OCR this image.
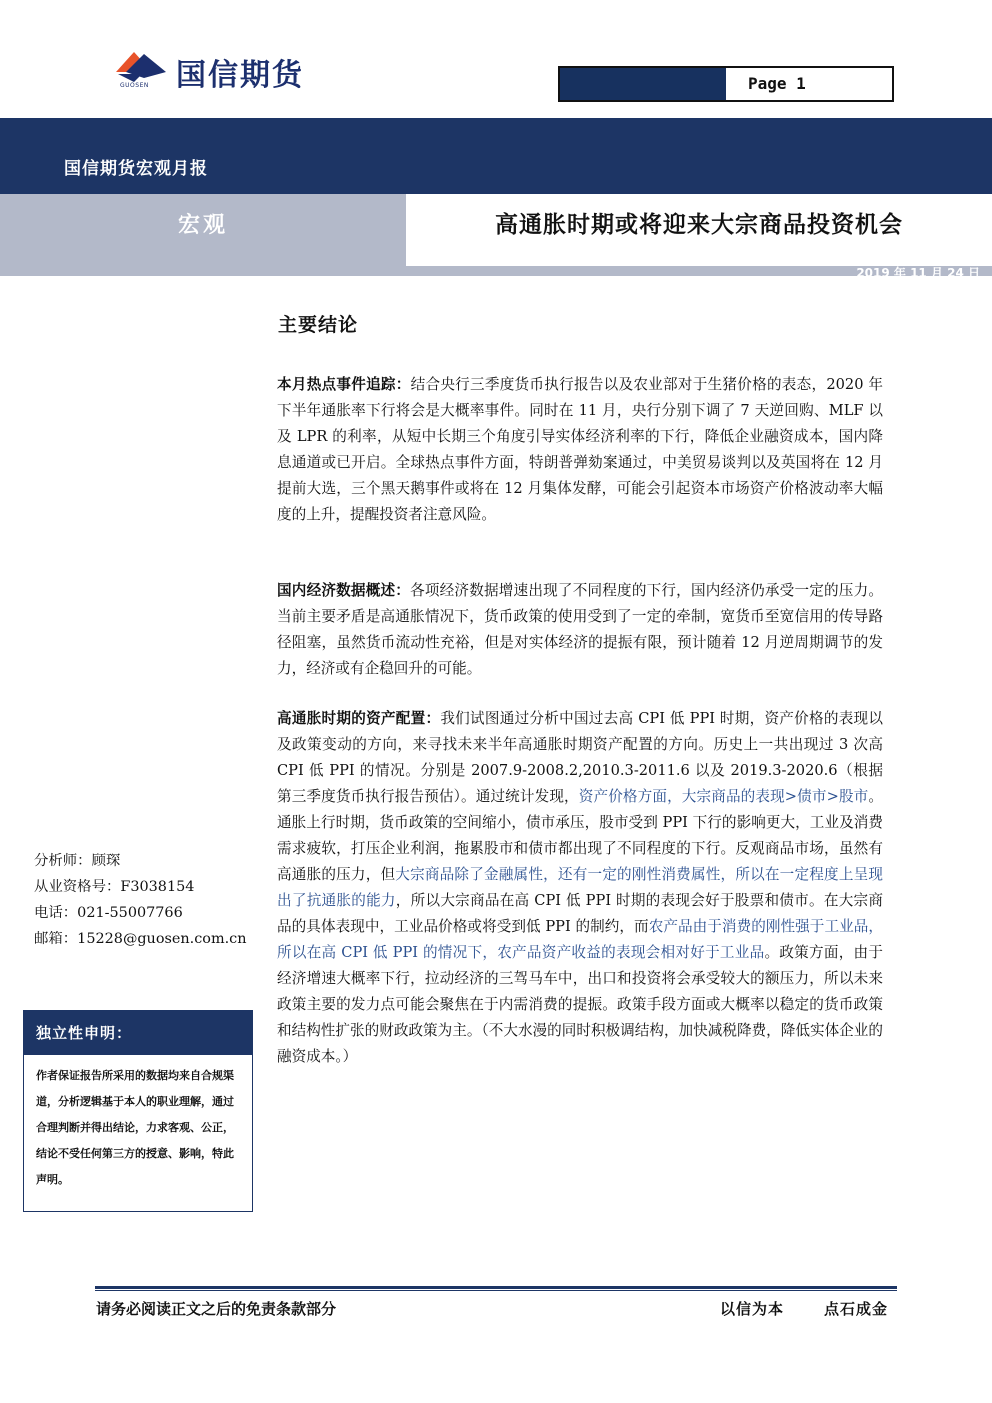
国信期货
GUOSEN	Page 1
国信期货宏观月报
宏观	高通胀时期或将迎来大宗商品投资机会
2019 年 11 月 24 日
主要结论

本月热点事件追踪：结合央行三季度货币执行报告以及农业部对于生猪价格的表态，2020 年下半年通胀率下行将会是大概率事件。同时在 11 月，央行分别下调了 7 天逆回购、MLF 以及 LPR 的利率，从短中长期三个角度引导实体经济利率的下行，降低企业融资成本，国内降息通道或已开启。全球热点事件方面，特朗普弹劾案通过，中美贸易谈判以及英国将在 12 月提前大选，三个黑天鹅事件或将在 12 月集体发酵，可能会引起资本市场资产价格波动率大幅度的上升，提醒投资者注意风险。

国内经济数据概述：各项经济数据增速出现了不同程度的下行，国内经济仍承受一定的压力。当前主要矛盾是高通胀情况下，货币政策的使用受到了一定的牵制，宽货币至宽信用的传导路径阻塞，虽然货币流动性充裕，但是对实体经济的提振有限，预计随着 12 月逆周期调节的发力，经济或有企稳回升的可能。

高通胀时期的资产配置：我们试图通过分析中国过去高 CPI 低 PPI 时期，资产价格的表现以及政策变动的方向，来寻找未来半年高通胀时期资产配置的方向。历史上一共出现过 3 次高 CPI 低 PPI 的情况。分别是 2007.9-2008.2,2010.3-2011.6 以及 2019.3-2020.6（根据第三季度货币执行报告预估）。通过统计发现，资产价格方面，大宗商品的表现>债市>股市。通胀上行时期，货币政策的空间缩小，债市承压，股市受到 PPI 下行的影响更大，工业及消费需求疲软，打压企业利润，拖累股市和债市都出现了不同程度的下行。反观商品市场，虽然有高通胀的压力，但大宗商品除了金融属性，还有一定的刚性消费属性，所以在一定程度上呈现出了抗通胀的能力，所以大宗商品在高 CPI 低 PPI 时期的表现会好于股票和债市。在大宗商品的具体表现中，工业品价格或将受到低 PPI 的制约，而农产品由于消费的刚性强于工业品，所以在高 CPI 低 PPI 的情况下，农产品资产收益的表现会相对好于工业品。政策方面，由于经济增速大概率下行，拉动经济的三驾马车中，出口和投资将会承受较大的额压力，所以未来政策主要的发力点可能会聚焦在于内需消费的提振。政策手段方面或大概率以稳定的货币政策和结构性扩张的财政政策为主。（不大水漫的同时积极调结构，加快减税降费，降低实体企业的融资成本。）

分析师：顾琛
从业资格号：F3038154
电话：021-55007766
邮箱：15228@guosen.com.cn
独立性申明：

作者保证报告所采用的数据均来自合规渠道，分析逻辑基于本人的职业理解，通过合理判断并得出结论，力求客观、公正，结论不受任何第三方的授意、影响，特此声明。

请务必阅读正文之后的免责条款部分	以信为本	点石成金
